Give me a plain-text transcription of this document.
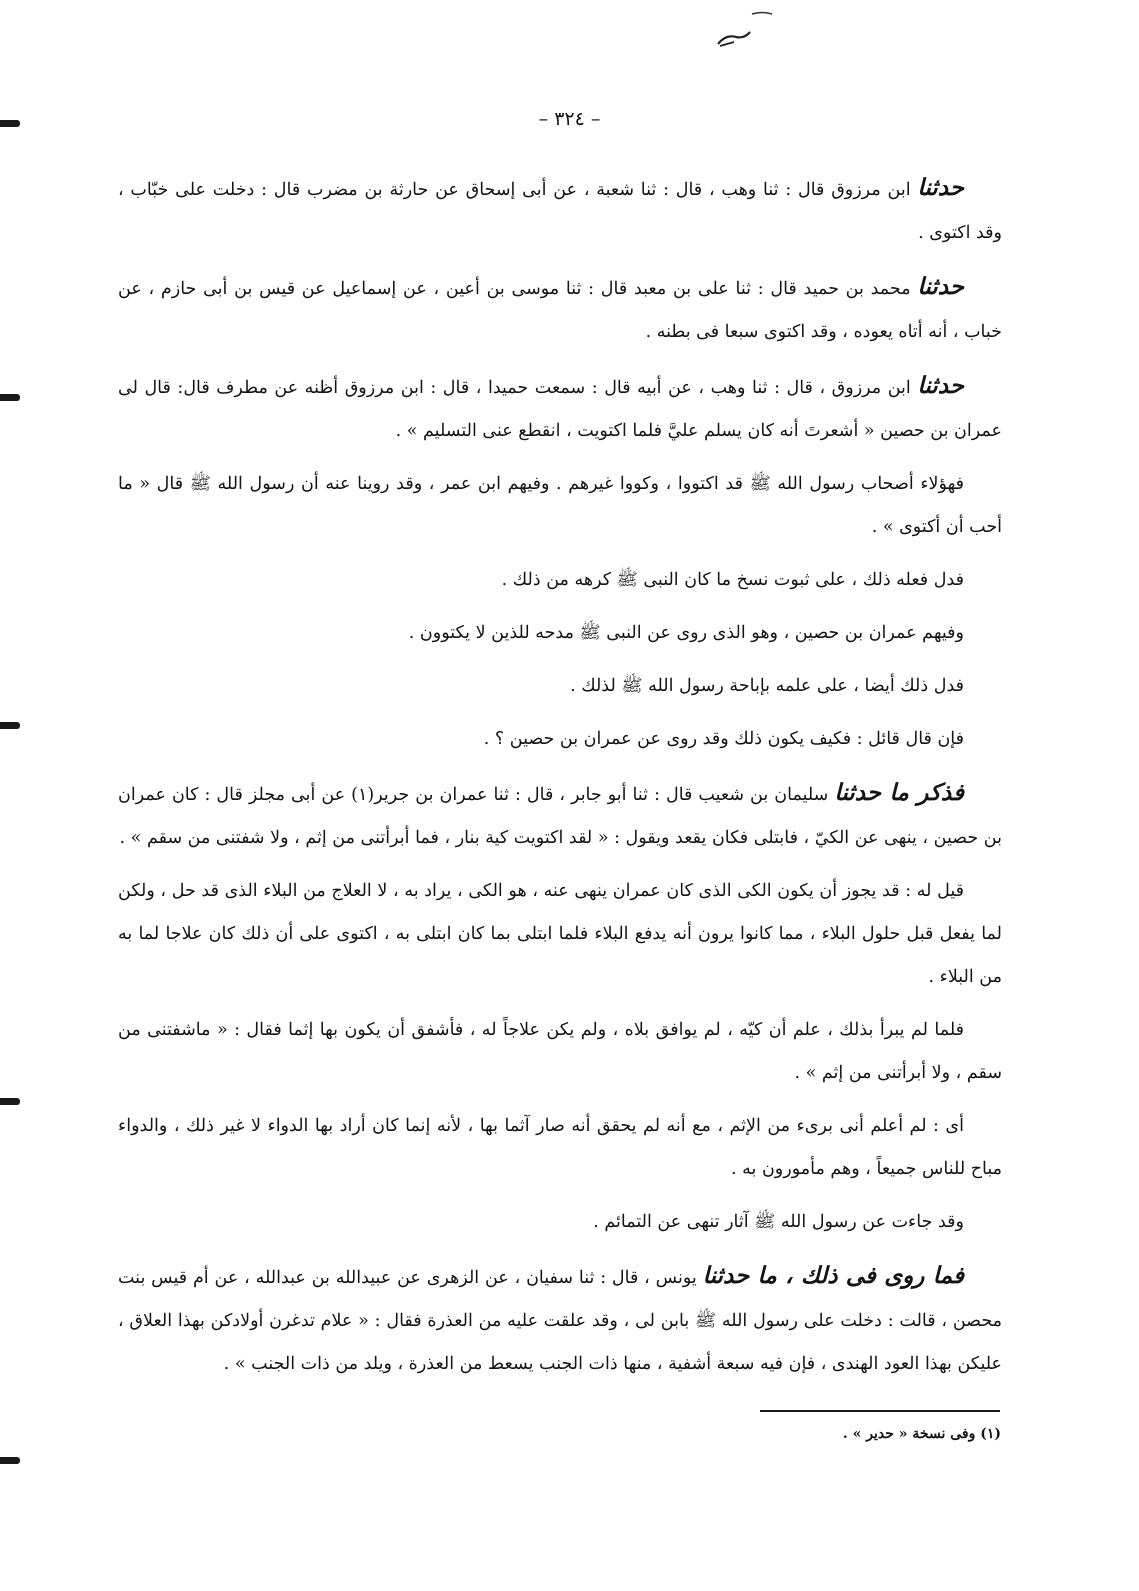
– ٣٢٤ –

حدثنا ابن مرزوق قال : ثنا وهب ، قال : ثنا شعبة ، عن أبى إسحاق عن حارثة بن مضرب قال : دخلت على خبّاب ، وقد اكتوى .

حدثنا محمد بن حميد قال : ثنا على بن معبد قال : ثنا موسى بن أعين ، عن إسماعيل عن قيس بن أبى حازم ، عن خباب ، أنه أتاه يعوده ، وقد اكتوى سبعا فى بطنه .

حدثنا ابن مرزوق ، قال : ثنا وهب ، عن أبيه قال : سمعت حميدا ، قال : ابن مرزوق أظنه عن مطرف قال: قال لى عمران بن حصين « أشعرتَ أنه كان يسلم عليَّ فلما اكتويت ، انقطع عنى التسليم » .

فهؤلاء أصحاب رسول الله ﷺ قد اكتووا ، وكووا غيرهم . وفيهم ابن عمر ، وقد روينا عنه أن رسول الله ﷺ قال « ما أحب أن أكتوى » .

فدل فعله ذلك ، على ثبوت نسخ ما كان النبى ﷺ كرهه من ذلك .

وفيهم عمران بن حصين ، وهو الذى روى عن النبى ﷺ مدحه للذين لا يكتوون .

فدل ذلك أيضا ، على علمه بإباحة رسول الله ﷺ لذلك .

فإن قال قائل : فكيف يكون ذلك وقد روى عن عمران بن حصين ؟ .

فذكر ما حدثنا سليمان بن شعيب قال : ثنا أبو جابر ، قال : ثنا عمران بن جرير(١) عن أبى مجلز قال : كان عمران بن حصين ، ينهى عن الكيّ ، فابتلى فكان يقعد ويقول : « لقد اكتويت كية بنار ، فما أبرأتنى من إثم ، ولا شفتنى من سقم » .

قيل له : قد يجوز أن يكون الكى الذى كان عمران ينهى عنه ، هو الكى ، يراد به ، لا العلاج من البلاء الذى قد حل ، ولكن لما يفعل قبل حلول البلاء ، مما كانوا يرون أنه يدفع البلاء فلما ابتلى بما كان ابتلى به ، اكتوى على أن ذلك كان علاجا لما به من البلاء .

فلما لم يبرأ بذلك ، علم أن كيّه ، لم يوافق بلاه ، ولم يكن علاجاً له ، فأشفق أن يكون بها إثما فقال : « ماشفتنى من سقم ، ولا أبرأتنى من إثم » .

أى : لم أعلم أنى برىء من الإثم ، مع أنه لم يحقق أنه صار آثما بها ، لأنه إنما كان أراد بها الدواء لا غير ذلك ، والدواء مباح للناس جميعاً ، وهم مأمورون به .

وقد جاءت عن رسول الله ﷺ آثار تنهى عن التمائم .

فما روى فى ذلك ، ما حدثنا يونس ، قال : ثنا سفيان ، عن الزهرى عن عبيدالله بن عبدالله ، عن أم قيس بنت محصن ، قالت : دخلت على رسول الله ﷺ بابن لى ، وقد علقت عليه من العذرة فقال : « علام تدغرن أولادكن بهذا العلاق ، عليكن بهذا العود الهندى ، فإن فيه سبعة أشفية ، منها ذات الجنب يسعط من العذرة ، ويلد من ذات الجنب » .

(١) وفى نسخة « حدير » .
